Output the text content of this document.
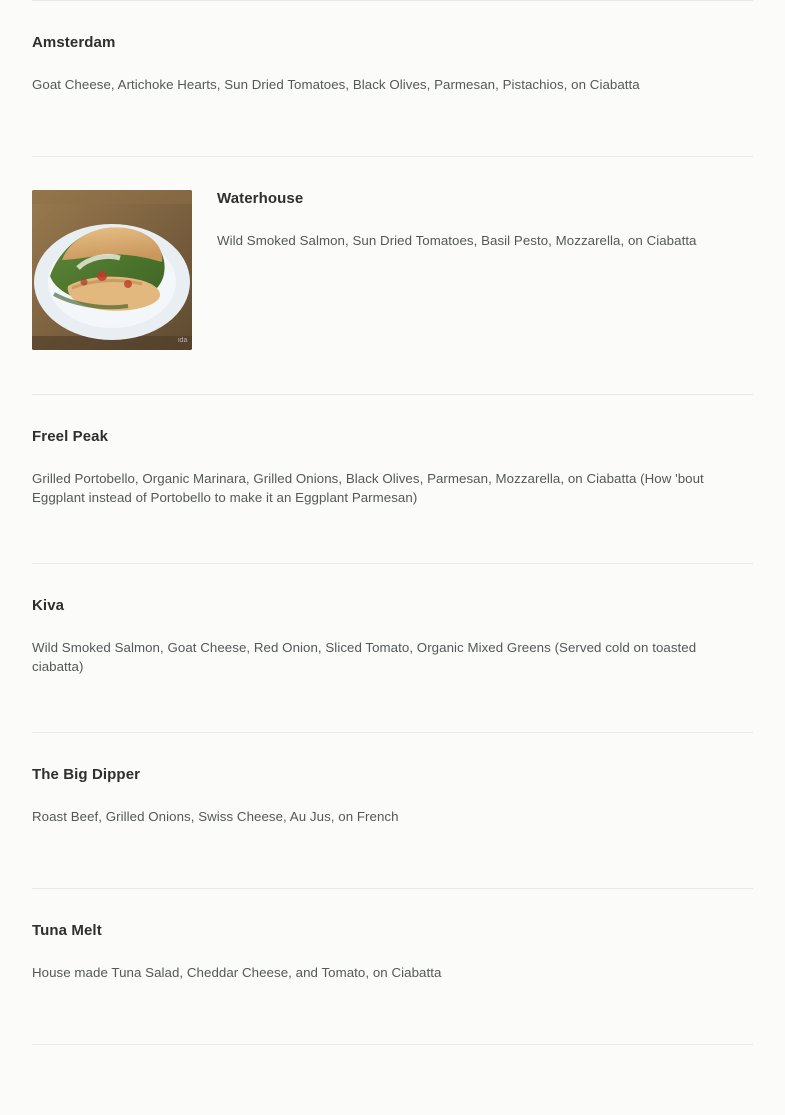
Amsterdam

Goat Cheese, Artichoke Hearts, Sun Dried Tomatoes, Black Olives, Parmesan, Pistachios, on Ciabatta

ida
Waterhouse

Wild Smoked Salmon, Sun Dried Tomatoes, Basil Pesto, Mozzarella, on Ciabatta

Freel Peak

Grilled Portobello, Organic Marinara, Grilled Onions, Black Olives, Parmesan, Mozzarella, on Ciabatta (How 'bout Eggplant instead of Portobello to make it an Eggplant Parmesan)

Kiva

Wild Smoked Salmon, Goat Cheese, Red Onion, Sliced Tomato, Organic Mixed Greens (Served cold on toasted ciabatta)

The Big Dipper

Roast Beef, Grilled Onions, Swiss Cheese, Au Jus, on French

Tuna Melt

House made Tuna Salad, Cheddar Cheese, and Tomato, on Ciabatta
